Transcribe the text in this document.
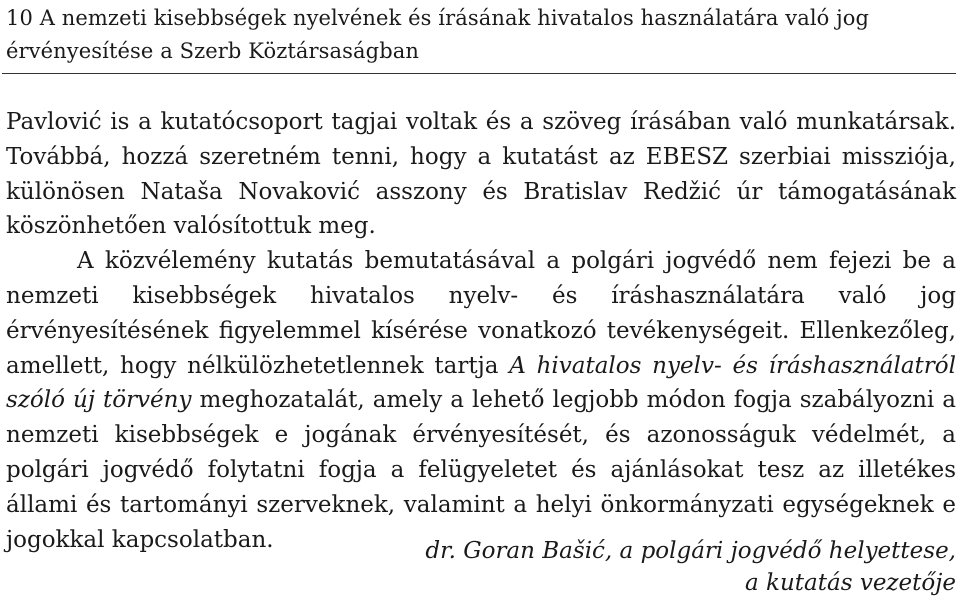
10 A nemzeti kisebbségek nyelvének és írásának hivatalos használatára való jog
érvényesítése a Szerb Köztársaságban

Pavlović is a kutatócsoport tagjai voltak és a szöveg írásában való munkatársak. Továbbá, hozzá szeretném tenni, hogy a kutatást az EBESZ szerbiai missziója, különösen Nataša Novaković asszony és Bratislav Redžić úr támogatásának köszönhetően valósítottuk meg.

A közvélemény kutatás bemutatásával a polgári jogvédő nem fejezi be a nemzeti kisebbségek hivatalos nyelv- és íráshasználatára való jog érvényesítésének figyelemmel kísérése vonatkozó tevékenységeit. Ellenkezőleg, amellett, hogy nélkülözhetetlennek tartja A hivatalos nyelv- és íráshasználatról szóló új törvény meghozatalát, amely a lehető legjobb módon fogja szabályozni a nemzeti kisebbségek e jogának érvényesítését, és azonosságuk védelmét, a polgári jogvédő folytatni fogja a felügyeletet és ajánlásokat tesz az illetékes állami és tartományi szerveknek, valamint a helyi önkormányzati egységeknek e jogokkal kapcsolatban.	dr. Goran Bašić, a polgári jogvédő helyettese,
a kutatás vezetője
